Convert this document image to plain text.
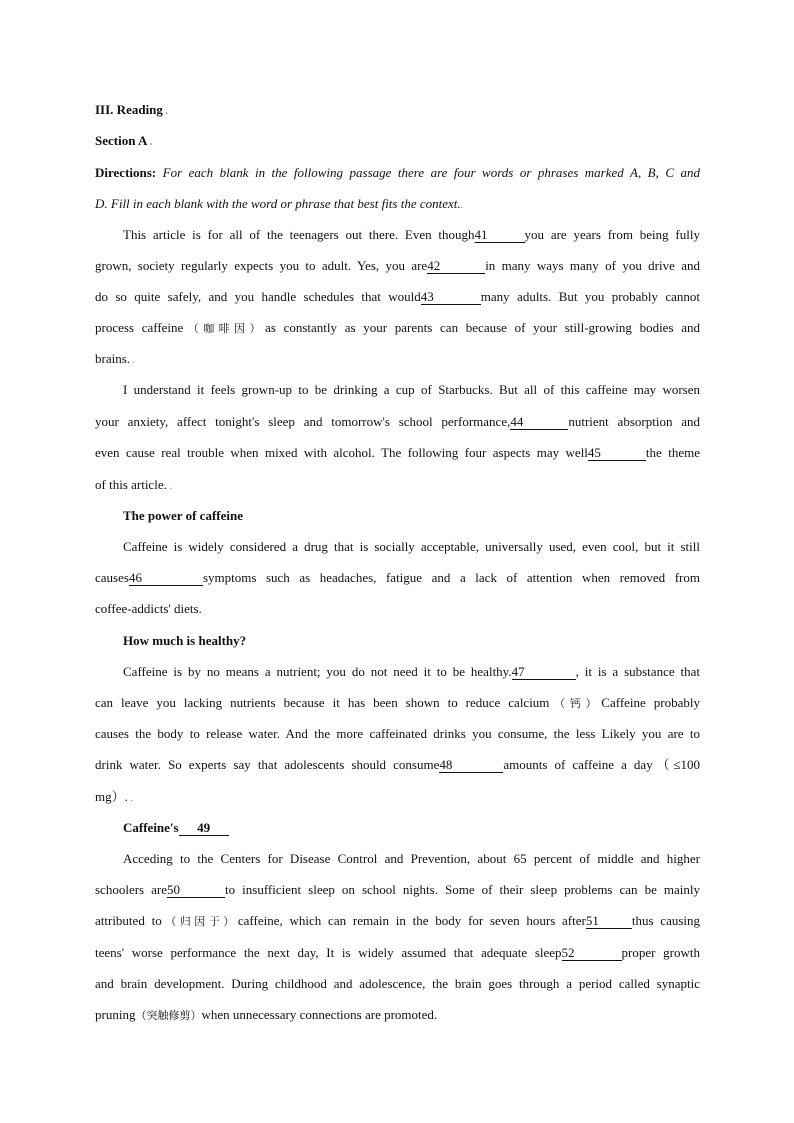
III. Reading .
Section A .
Directions: For each blank in the following passage there are four words or phrases marked A, B, C and
D. Fill in each blank with the word or phrase that best fits the context..
This article is for all of the teenagers out there. Even though41	you are years from being fully
grown, society regularly expects you to adult. Yes, you are42	in many ways many of you drive and
do so quite safely, and you handle schedules that would43	many adults. But you probably cannot
process caffeine（咖啡因）as constantly as your parents can because of your still-growing bodies and
brains. .
I understand it feels grown-up to be drinking a cup of Starbucks. But all of this caffeine may worsen
your anxiety, affect tonight's sleep and tomorrow's school performance,44	nutrient absorption and
even cause real trouble when mixed with alcohol. The following four aspects may well45	the theme
of this article. .
The power of caffeine
Caffeine is widely considered a drug that is socially acceptable, universally used, even cool, but it still
causes46	symptoms such as headaches, fatigue and a lack of attention when removed from
coffee-addicts' diets.
How much is healthy?
Caffeine is by no means a nutrient; you do not need it to be healthy.47	, it is a substance that
can leave you lacking nutrients because it has been shown to reduce calcium（钙）Caffeine probably
causes the body to release water. And the more caffeinated drinks you consume, the less Likely you are to
drink water. So experts say that adolescents should consume48	amounts of caffeine a day（≤100
mg）. .
Caffeine's 49
Acceding to the Centers for Disease Control and Prevention, about 65 percent of middle and higher
schoolers are50	to insufficient sleep on school nights. Some of their sleep problems can be mainly
attributed to（归因于）caffeine, which can remain in the body for seven hours after51	thus causing
teens' worse performance the next day, It is widely assumed that adequate sleep52	proper growth
and brain development. During childhood and adolescence, the brain goes through a period called synaptic
pruning（突触修剪）when unnecessary connections are promoted.
